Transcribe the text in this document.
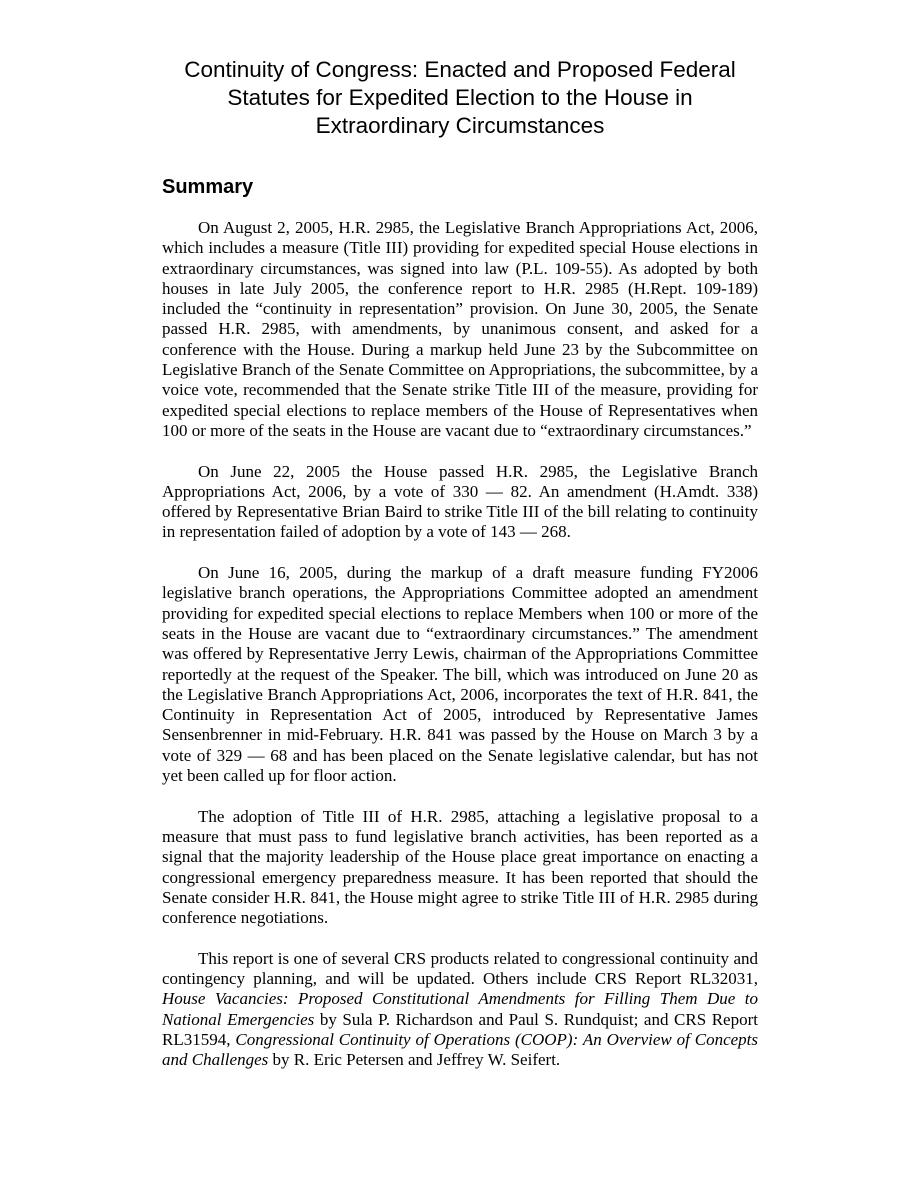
Continuity of Congress: Enacted and Proposed Federal
Statutes for Expedited Election to the House in
Extraordinary Circumstances
Summary

On August 2, 2005, H.R. 2985, the Legislative Branch Appropriations Act, 2006, which includes a measure (Title III) providing for expedited special House elections in extraordinary circumstances, was signed into law (P.L. 109-55). As adopted by both houses in late July 2005, the conference report to H.R. 2985 (H.Rept. 109-189) included the “continuity in representation” provision. On June 30, 2005, the Senate passed H.R. 2985, with amendments, by unanimous consent, and asked for a conference with the House. During a markup held June 23 by the Subcommittee on Legislative Branch of the Senate Committee on Appropriations, the subcommittee, by a voice vote, recommended that the Senate strike Title III of the measure, providing for expedited special elections to replace members of the House of Representatives when 100 or more of the seats in the House are vacant due to “extraordinary circumstances.”

On June 22, 2005 the House passed H.R. 2985, the Legislative Branch Appropriations Act, 2006, by a vote of 330 — 82. An amendment (H.Amdt. 338) offered by Representative Brian Baird to strike Title III of the bill relating to continuity in representation failed of adoption by a vote of 143 — 268.

On June 16, 2005, during the markup of a draft measure funding FY2006 legislative branch operations, the Appropriations Committee adopted an amendment providing for expedited special elections to replace Members when 100 or more of the seats in the House are vacant due to “extraordinary circumstances.” The amendment was offered by Representative Jerry Lewis, chairman of the Appropriations Committee reportedly at the request of the Speaker. The bill, which was introduced on June 20 as the Legislative Branch Appropriations Act, 2006, incorporates the text of H.R. 841, the Continuity in Representation Act of 2005, introduced by Representative James Sensenbrenner in mid-February. H.R. 841 was passed by the House on March 3 by a vote of 329 — 68 and has been placed on the Senate legislative calendar, but has not yet been called up for floor action.

The adoption of Title III of H.R. 2985, attaching a legislative proposal to a measure that must pass to fund legislative branch activities, has been reported as a signal that the majority leadership of the House place great importance on enacting a congressional emergency preparedness measure. It has been reported that should the Senate consider H.R. 841, the House might agree to strike Title III of H.R. 2985 during conference negotiations.

This report is one of several CRS products related to congressional continuity and contingency planning, and will be updated. Others include CRS Report RL32031, House Vacancies: Proposed Constitutional Amendments for Filling Them Due to National Emergencies by Sula P. Richardson and Paul S. Rundquist; and CRS Report RL31594, Congressional Continuity of Operations (COOP): An Overview of Concepts and Challenges by R. Eric Petersen and Jeffrey W. Seifert.
